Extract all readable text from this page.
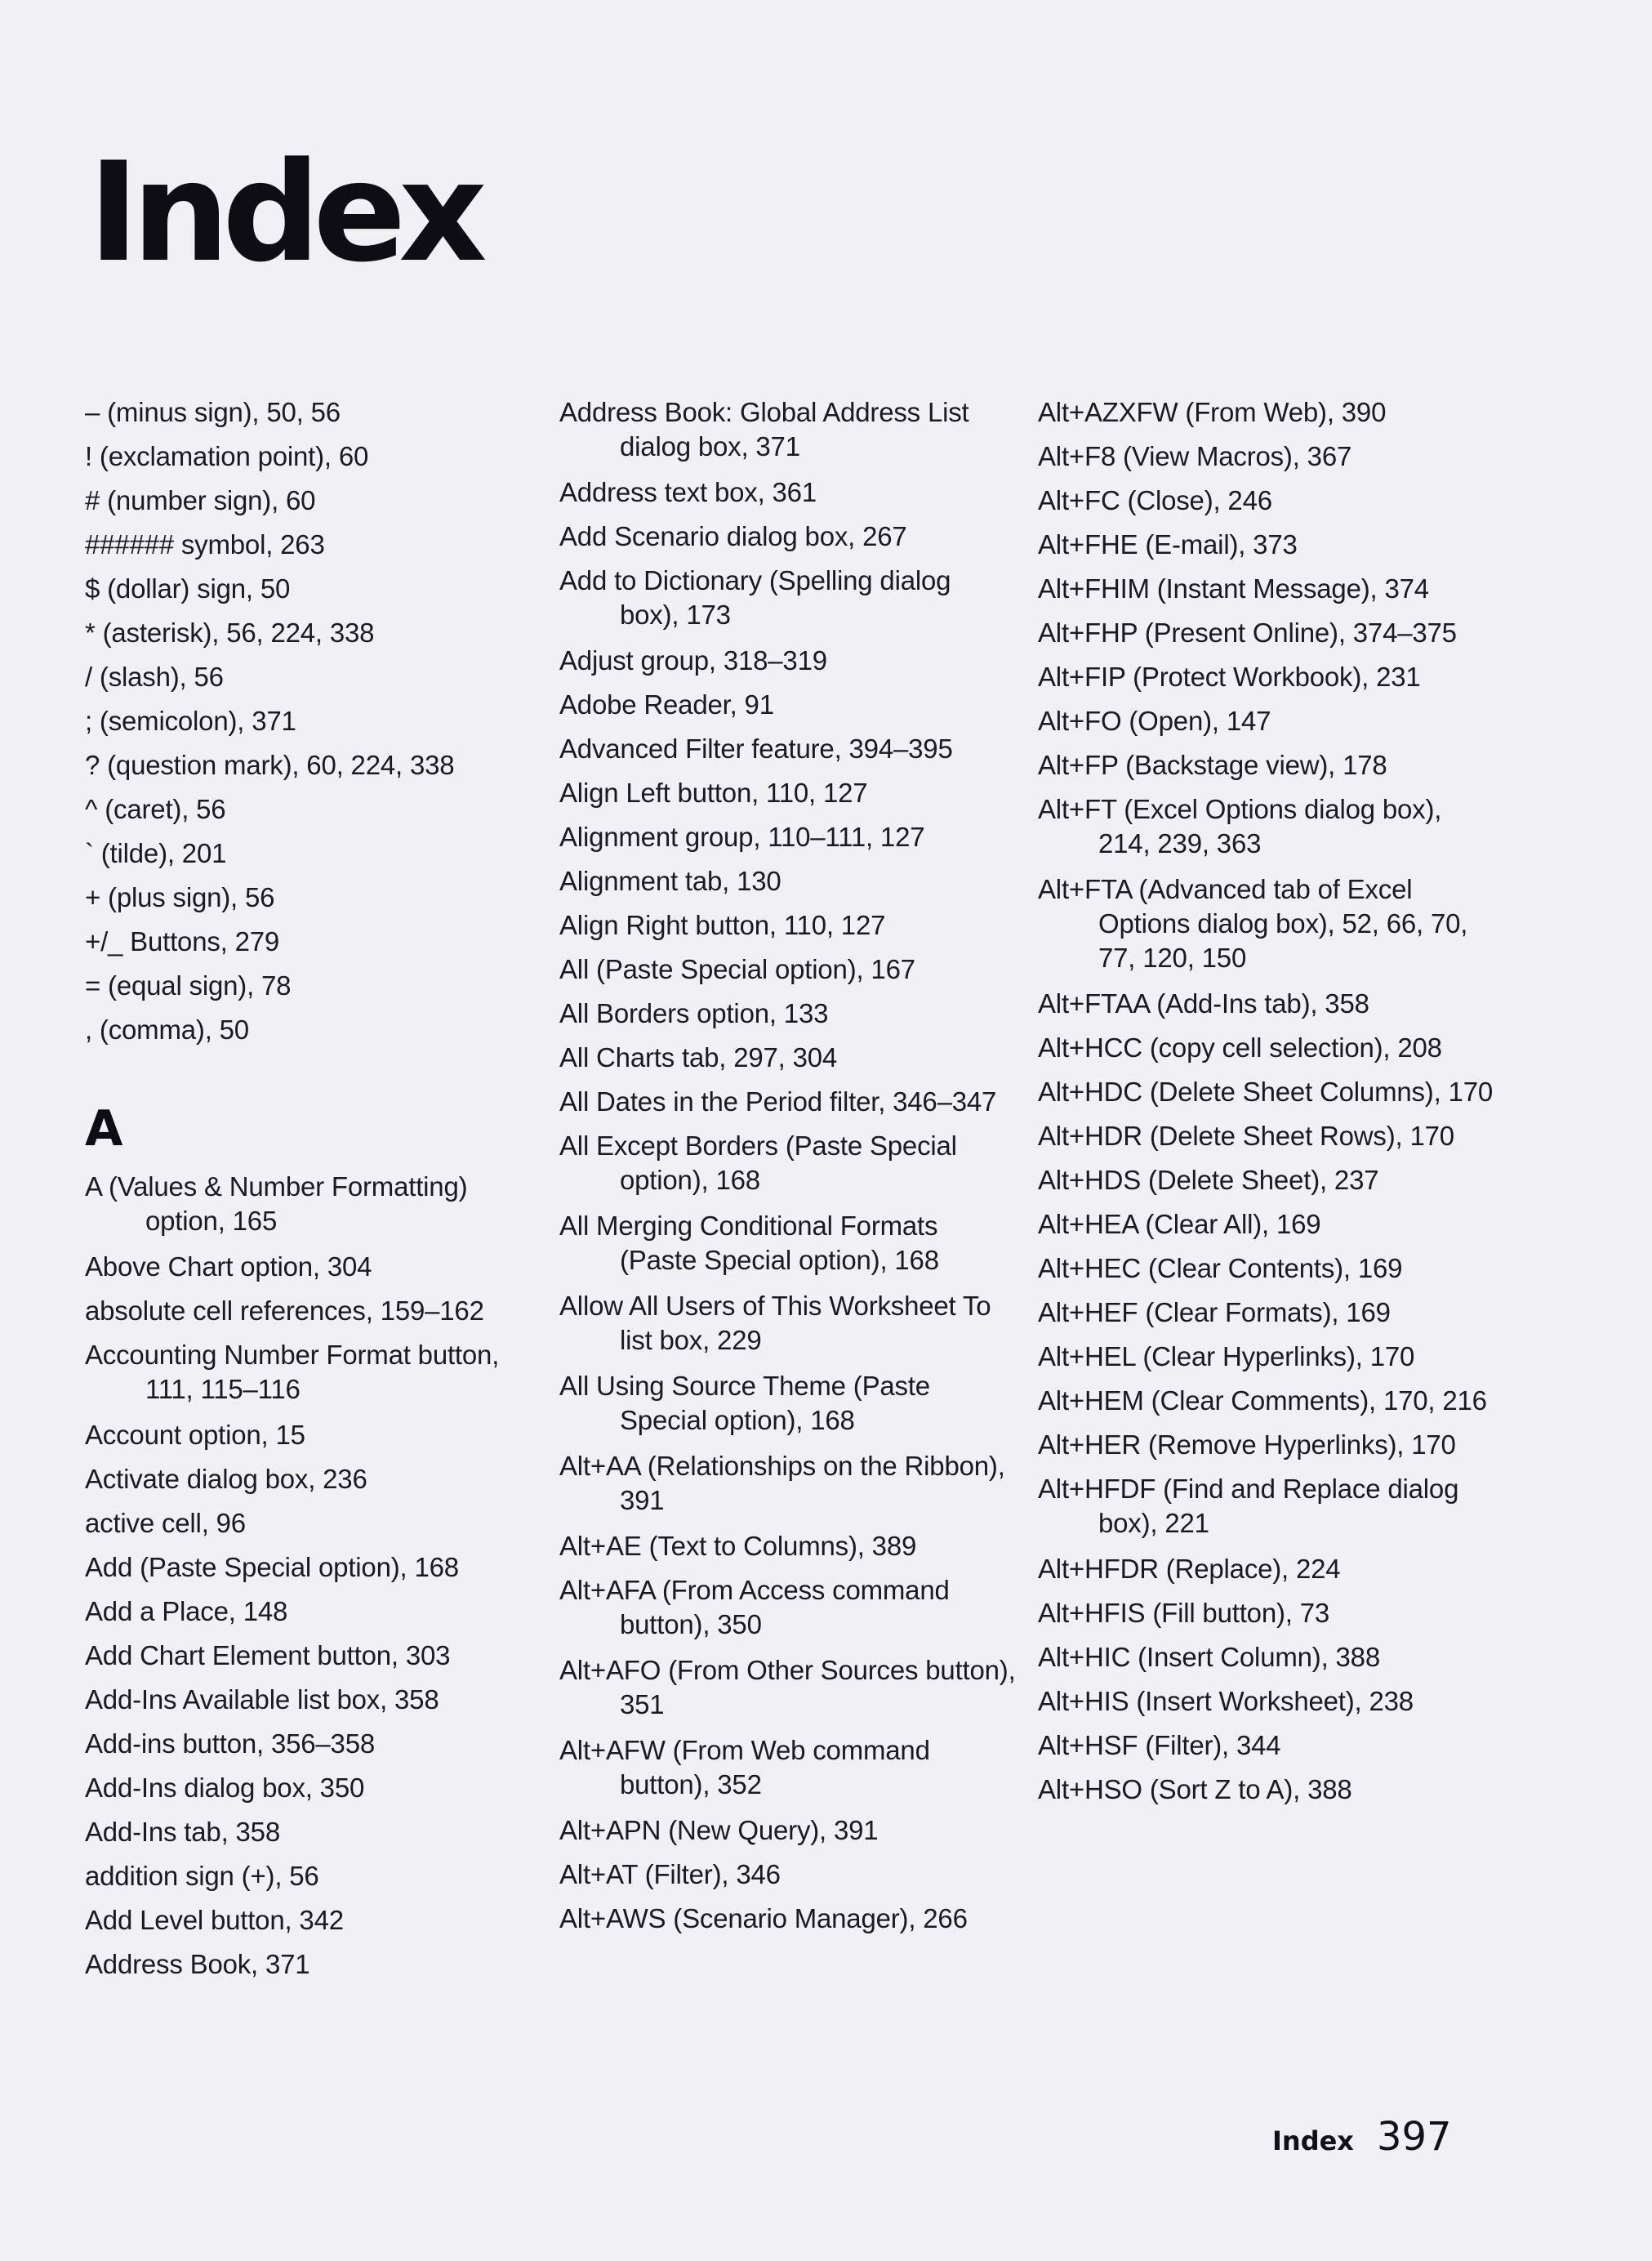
Index
– (minus sign), 50, 56
! (exclamation point), 60
# (number sign), 60
###### symbol, 263
$ (dollar) sign, 50
* (asterisk), 56, 224, 338
/ (slash), 56
; (semicolon), 371
? (question mark), 60, 224, 338
^ (caret), 56
` (tilde), 201
+ (plus sign), 56
+/_ Buttons, 279
= (equal sign), 78
, (comma), 50
A
A (Values & Number Formatting) option, 165
Above Chart option, 304
absolute cell references, 159–162
Accounting Number Format button, 111, 115–116
Account option, 15
Activate dialog box, 236
active cell, 96
Add (Paste Special option), 168
Add a Place, 148
Add Chart Element button, 303
Add-Ins Available list box, 358
Add-ins button, 356–358
Add-Ins dialog box, 350
Add-Ins tab, 358
addition sign (+), 56
Add Level button, 342
Address Book, 371
Address Book: Global Address List dialog box, 371
Address text box, 361
Add Scenario dialog box, 267
Add to Dictionary (Spelling dialog box), 173
Adjust group, 318–319
Adobe Reader, 91
Advanced Filter feature, 394–395
Align Left button, 110, 127
Alignment group, 110–111, 127
Alignment tab, 130
Align Right button, 110, 127
All (Paste Special option), 167
All Borders option, 133
All Charts tab, 297, 304
All Dates in the Period filter, 346–347
All Except Borders (Paste Special option), 168
All Merging Conditional Formats (Paste Special option), 168
Allow All Users of This Worksheet To list box, 229
All Using Source Theme (Paste Special option), 168
Alt+AA (Relationships on the Ribbon), 391
Alt+AE (Text to Columns), 389
Alt+AFA (From Access command button), 350
Alt+AFO (From Other Sources button), 351
Alt+AFW (From Web command button), 352
Alt+APN (New Query), 391
Alt+AT (Filter), 346
Alt+AWS (Scenario Manager), 266
Alt+AZXFW (From Web), 390
Alt+F8 (View Macros), 367
Alt+FC (Close), 246
Alt+FHE (E-mail), 373
Alt+FHIM (Instant Message), 374
Alt+FHP (Present Online), 374–375
Alt+FIP (Protect Workbook), 231
Alt+FO (Open), 147
Alt+FP (Backstage view), 178
Alt+FT (Excel Options dialog box), 214, 239, 363
Alt+FTA (Advanced tab of Excel Options dialog box), 52, 66, 70, 77, 120, 150
Alt+FTAA (Add-Ins tab), 358
Alt+HCC (copy cell selection), 208
Alt+HDC (Delete Sheet Columns), 170
Alt+HDR (Delete Sheet Rows), 170
Alt+HDS (Delete Sheet), 237
Alt+HEA (Clear All), 169
Alt+HEC (Clear Contents), 169
Alt+HEF (Clear Formats), 169
Alt+HEL (Clear Hyperlinks), 170
Alt+HEM (Clear Comments), 170, 216
Alt+HER (Remove Hyperlinks), 170
Alt+HFDF (Find and Replace dialog box), 221
Alt+HFDR (Replace), 224
Alt+HFIS (Fill button), 73
Alt+HIC (Insert Column), 388
Alt+HIS (Insert Worksheet), 238
Alt+HSF (Filter), 344
Alt+HSO (Sort Z to A), 388
Index 397
